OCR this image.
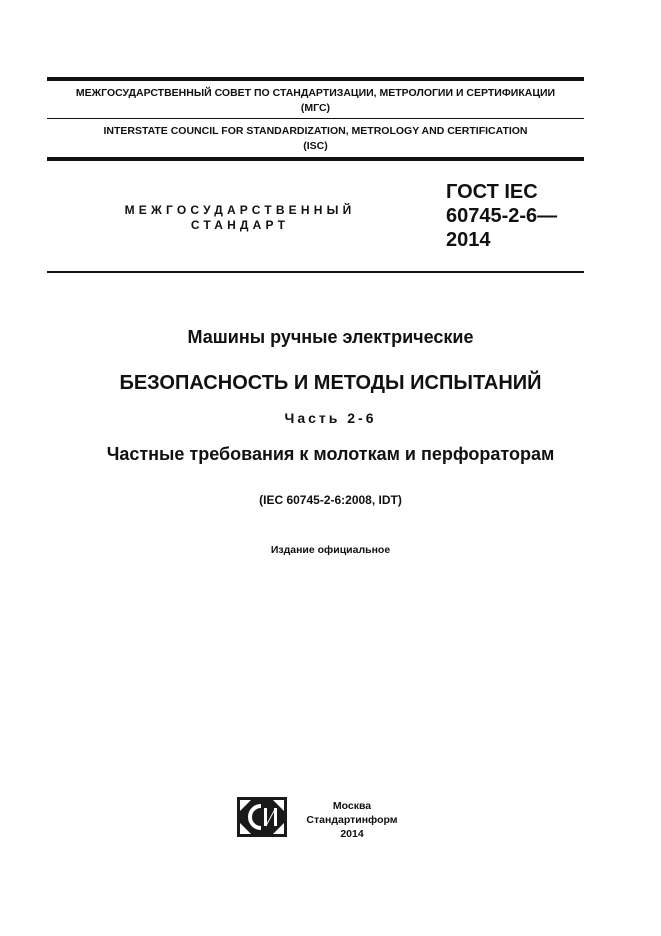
МЕЖГОСУДАРСТВЕННЫЙ СОВЕТ ПО СТАНДАРТИЗАЦИИ, МЕТРОЛОГИИ И СЕРТИФИКАЦИИ
(МГС)
INTERSTATE COUNCIL FOR STANDARDIZATION, METROLOGY AND CERTIFICATION
(ISC)
МЕЖГОСУДАРСТВЕННЫЙ
СТАНДАРТ
ГОСТ IEC
60745-2-6—
2014
Машины ручные электрические
БЕЗОПАСНОСТЬ И МЕТОДЫ ИСПЫТАНИЙ
Часть 2-6
Частные требования к молоткам и перфораторам
(IEC 60745-2-6:2008, IDT)
Издание официальное
Москва
Стандартинформ
2014
